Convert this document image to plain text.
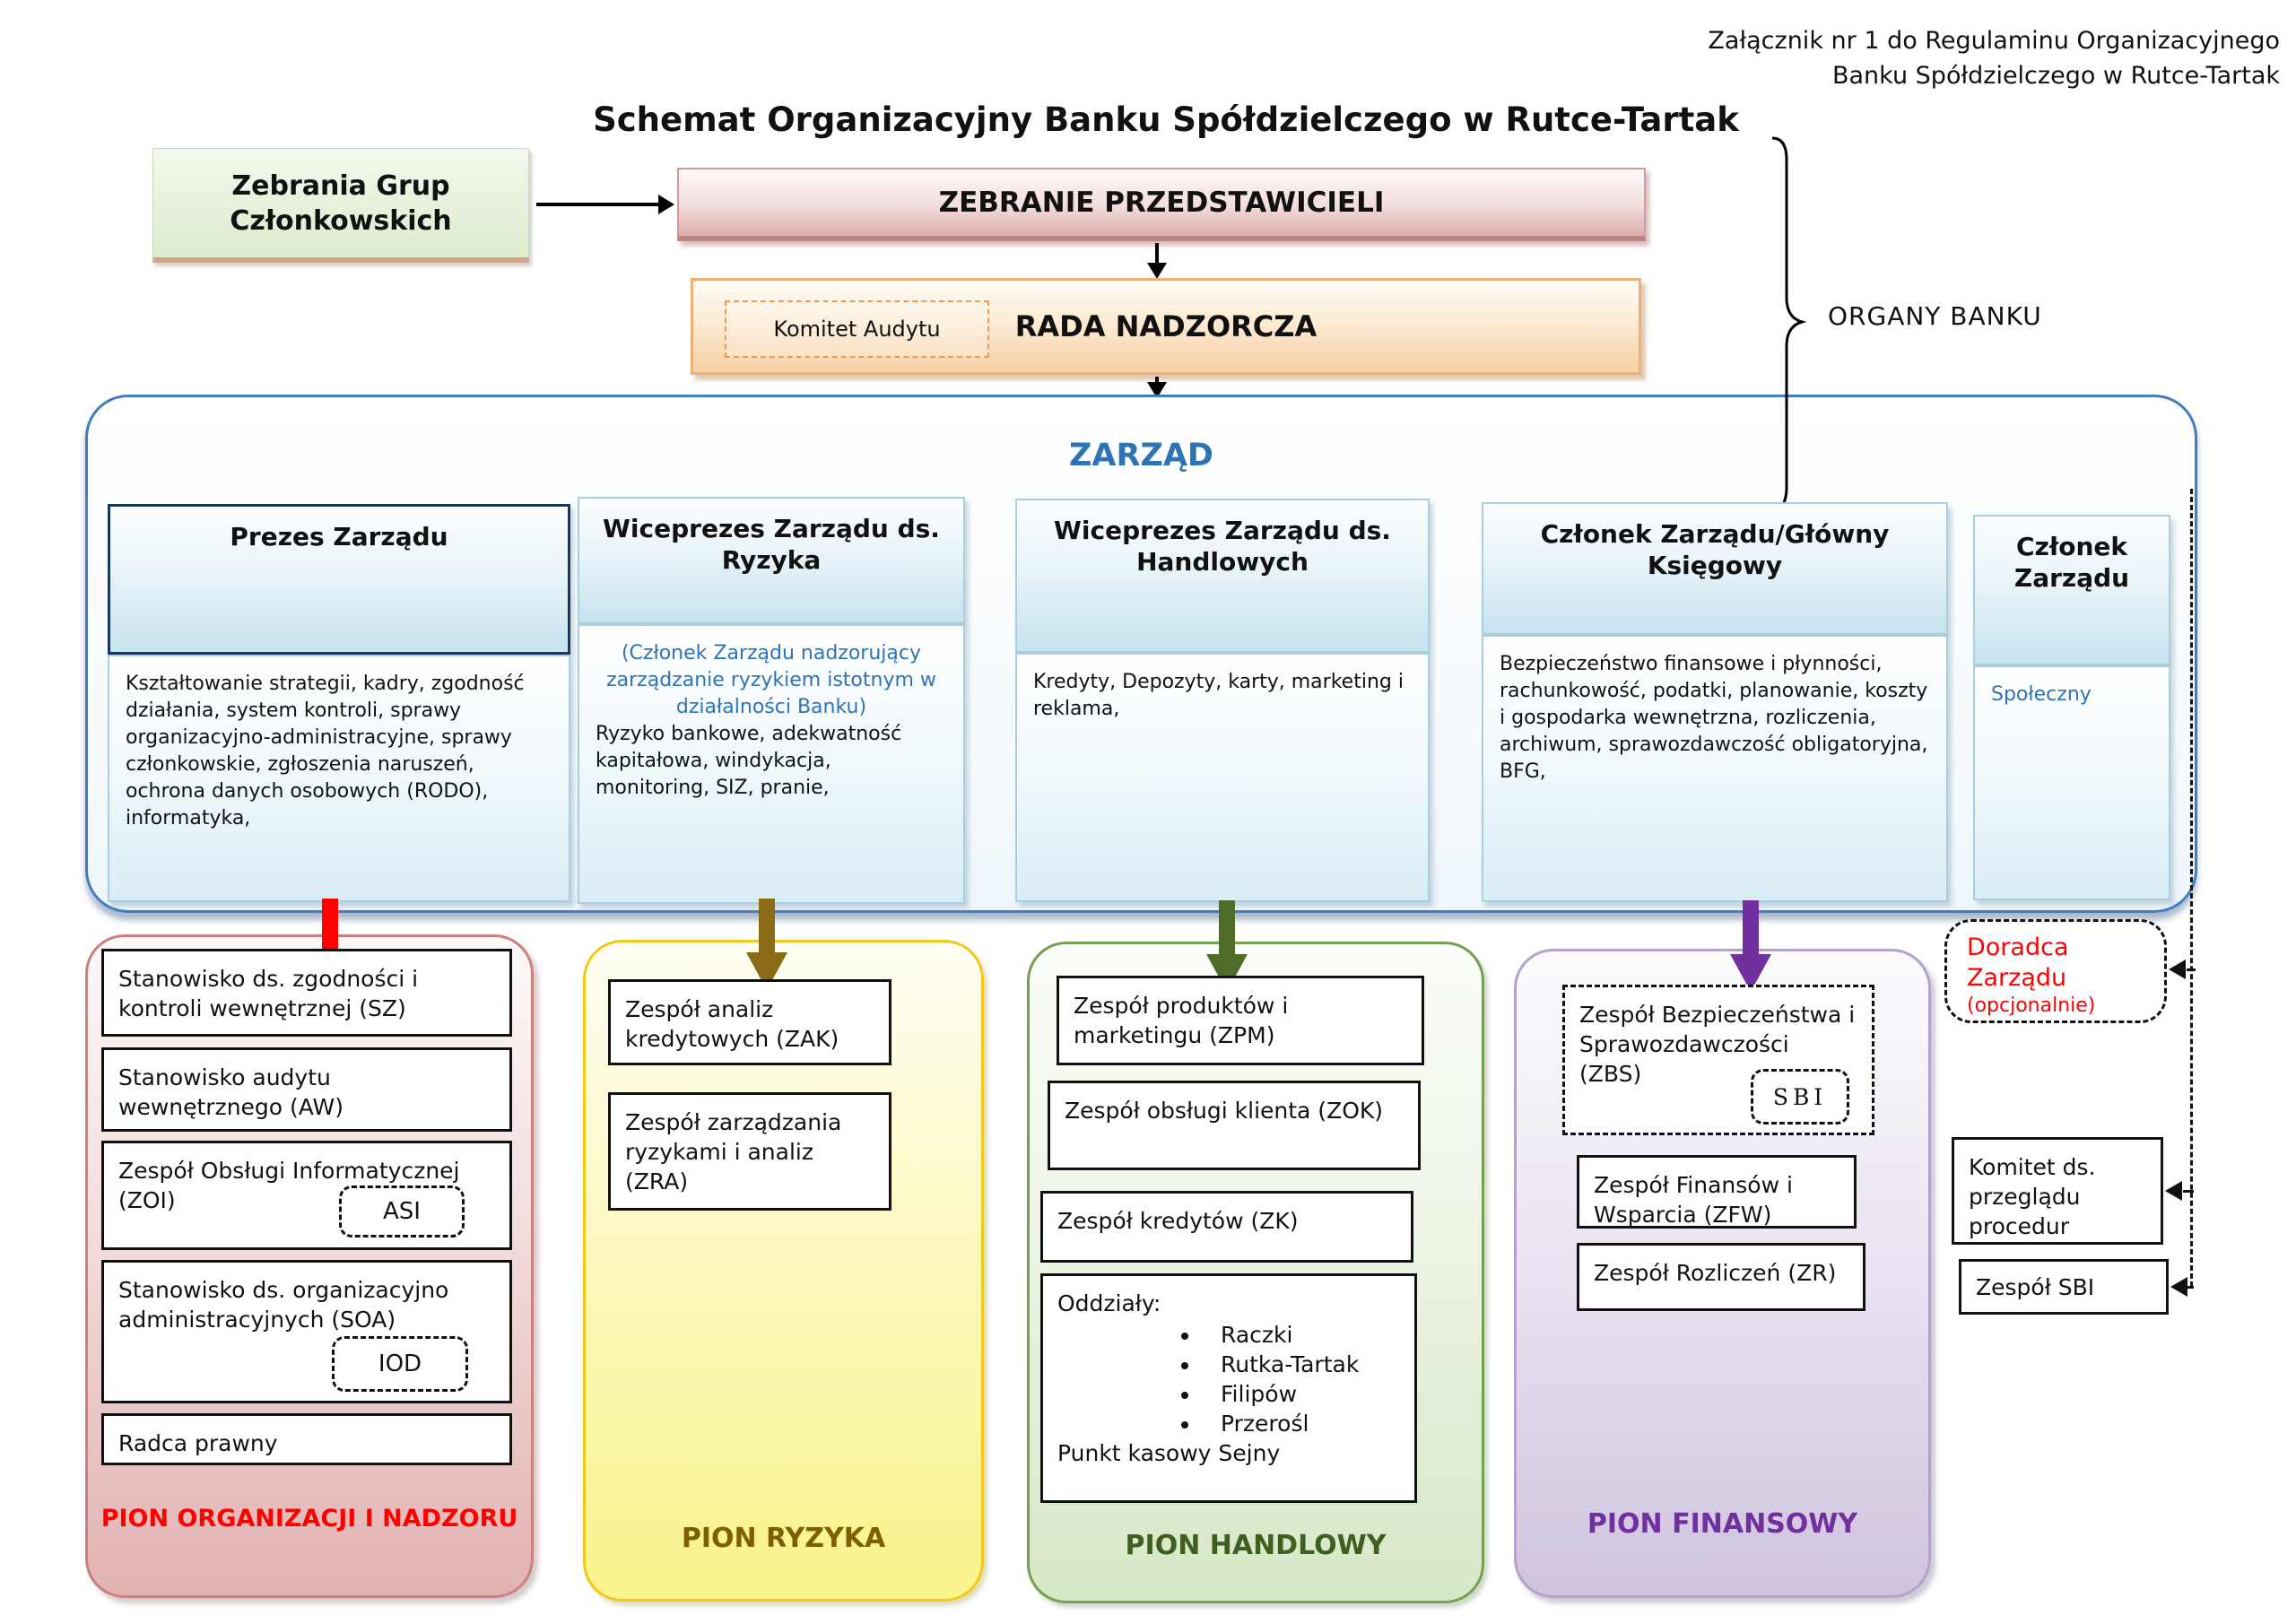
Załącznik nr 1 do Regulaminu Organizacyjnego
Banku Spółdzielczego w Rutce-Tartak
Schemat Organizacyjny Banku Spółdzielczego w Rutce-Tartak
Zebrania Grup Członkowskich
ZEBRANIE PRZEDSTAWICIELI
RADA NADZORCZA
Komitet Audytu	ORGANY BANKU
ZARZĄD
Prezes Zarządu

Kształtowanie strategii, kadry, zgodność działania, system kontroli, sprawy organizacyjno-administracyjne, sprawy członkowskie, zgłoszenia naruszeń, ochrona danych osobowych (RODO), informatyka,

Wiceprezes Zarządu ds. Ryzyka

(Członek Zarządu nadzorujący zarządzanie ryzykiem istotnym w działalności Banku)

Ryzyko bankowe, adekwatność kapitałowa, windykacja, monitoring, SIZ, pranie,

Wiceprezes Zarządu ds. Handlowych

Kredyty, Depozyty, karty, marketing i reklama,

Członek Zarządu/Główny Księgowy

Bezpieczeństwo finansowe i płynności, rachunkowość, podatki, planowanie, koszty i gospodarka wewnętrzna, rozliczenia, archiwum, sprawozdawczość obligatoryjna, BFG,

Członek Zarządu

Społeczny

Stanowisko ds. zgodności i kontroli wewnętrznej (SZ)
Stanowisko audytu wewnętrznego (AW)
Zespół Obsługi Informatycznej (ZOI)	ASI
Stanowisko ds. organizacyjno administracyjnych (SOA)
IOD
Radca prawny
PION ORGANIZACJI I NADZORU
Zespół analiz kredytowych (ZAK)
Zespół zarządzania ryzykami i analiz (ZRA)
PION RYZYKA
Zespół produktów i marketingu (ZPM)
Zespół obsługi klienta (ZOK)
Zespół kredytów (ZK)
Oddziały:
• Raczki
• Rutka-Tartak
• Filipów
• Przerośl
Punkt kasowy Sejny
PION HANDLOWY
Zespół Bezpieczeństwa i Sprawozdawczości (ZBS)
SBI
Zespół Finansów i Wsparcia (ZFW)
Zespół Rozliczeń (ZR)
PION FINANSOWY
Doradca Zarządu
(opcjonalnie)
Komitet ds. przeglądu procedur
Zespół SBI
